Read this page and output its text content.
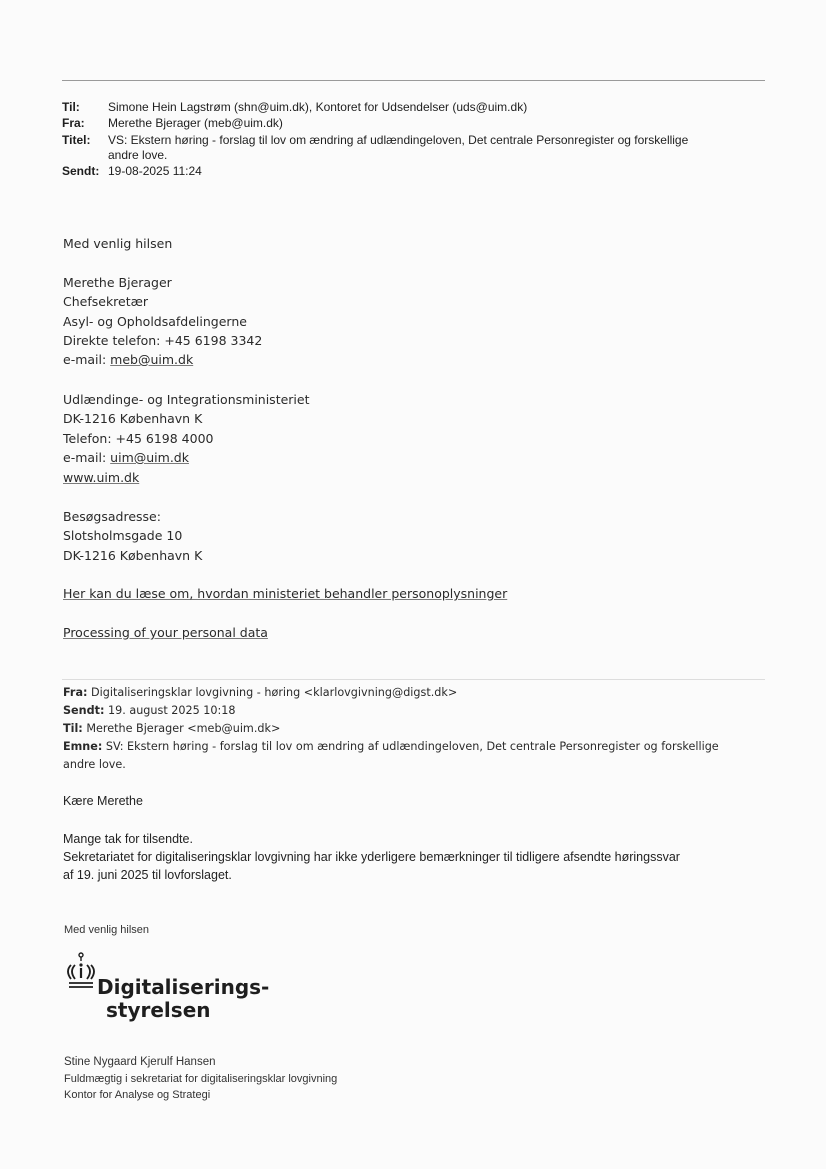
Til:	Simone Hein Lagstrøm (shn@uim.dk), Kontoret for Udsendelser (uds@uim.dk)
Fra:	Merethe Bjerager (meb@uim.dk)
Titel:	VS: Ekstern høring - forslag til lov om ændring af udlændingeloven, Det centrale Personregister og forskellige
andre love.
Sendt: 19-08-2025 11:24
Med venlig hilsen
Merethe Bjerager
Chefsekretær
Asyl- og Opholdsafdelingerne
Direkte telefon: +45 6198 3342
e-mail: meb@uim.dk
Udlændinge- og Integrationsministeriet
DK-1216 København K
Telefon: +45 6198 4000
e-mail: uim@uim.dk
www.uim.dk
Besøgsadresse:
Slotsholmsgade 10
DK-1216 København K
Her kan du læse om, hvordan ministeriet behandler personoplysninger
Processing of your personal data
Fra: Digitaliseringsklar lovgivning - høring <klarlovgivning@digst.dk>
Sendt: 19. august 2025 10:18
Til: Merethe Bjerager <meb@uim.dk>
Emne: SV: Ekstern høring - forslag til lov om ændring af udlændingeloven, Det centrale Personregister og forskellige
andre love.
Kære Merethe
Mange tak for tilsendte.
Sekretariatet for digitaliseringsklar lovgivning har ikke yderligere bemærkninger til tidligere afsendte høringssvar
af 19. juni 2025 til lovforslaget.
Med venlig hilsen
Digitaliserings-
styrelsen
Stine Nygaard Kjerulf Hansen
Fuldmægtig i sekretariat for digitaliseringsklar lovgivning
Kontor for Analyse og Strategi
